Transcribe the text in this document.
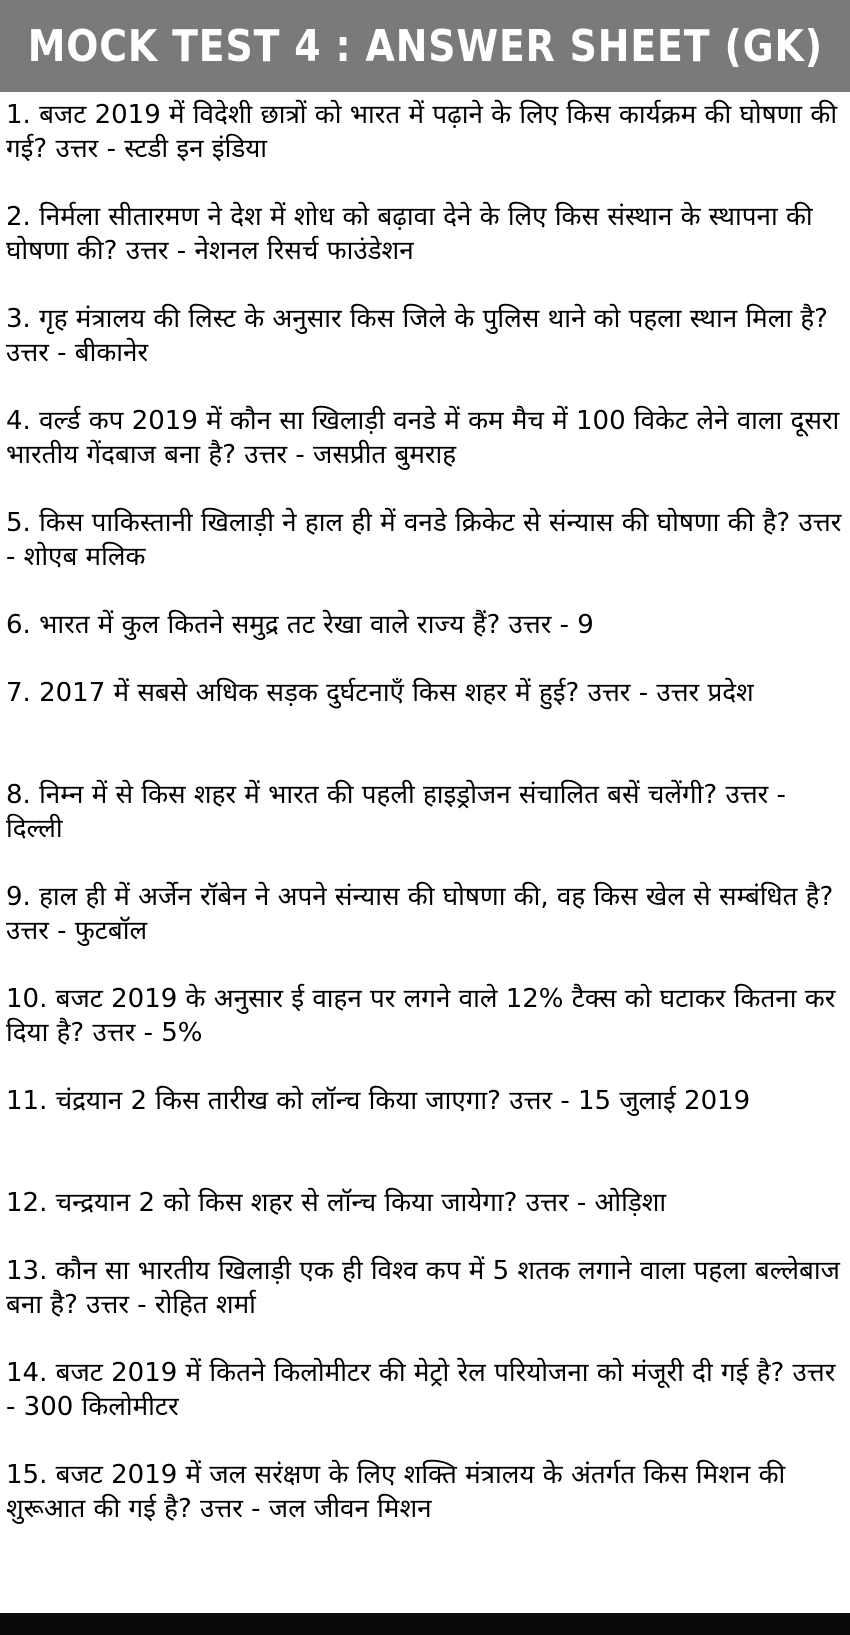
MOCK TEST 4 : ANSWER SHEET (GK)
1. बजट 2019 में विदेशी छात्रों को भारत में पढ़ाने के लिए किस कार्यक्रम की घोषणा की गई? उत्तर - स्टडी इन इंडिया
2. निर्मला सीतारमण ने देश में शोध को बढ़ावा देने के लिए किस संस्थान के स्थापना की घोषणा की? उत्तर - नेशनल रिसर्च फाउंडेशन
3. गृह मंत्रालय की लिस्ट के अनुसार किस जिले के पुलिस थाने को पहला स्थान मिला है? उत्तर - बीकानेर
4. वर्ल्ड कप 2019 में कौन सा खिलाड़ी वनडे में कम मैच में 100 विकेट लेने वाला दूसरा भारतीय गेंदबाज बना है? उत्तर - जसप्रीत बुमराह
5. किस पाकिस्तानी खिलाड़ी ने हाल ही में वनडे क्रिकेट से संन्यास की घोषणा की है? उत्तर - शोएब मलिक
6. भारत में कुल कितने समुद्र तट रेखा वाले राज्य हैं? उत्तर - 9
7. 2017 में सबसे अधिक सड़क दुर्घटनाएँ किस शहर में हुई? उत्तर - उत्तर प्रदेश
8. निम्न में से किस शहर में भारत की पहली हाइड्रोजन संचालित बसें चलेंगी? उत्तर - दिल्ली
9. हाल ही में अर्जेन रॉबेन ने अपने संन्यास की घोषणा की, वह किस खेल से सम्बंधित है? उत्तर - फुटबॉल
10. बजट 2019 के अनुसार ई वाहन पर लगने वाले 12% टैक्स को घटाकर कितना कर दिया है? उत्तर - 5%
11. चंद्रयान 2 किस तारीख को लॉन्च किया जाएगा? उत्तर - 15 जुलाई 2019
12. चन्द्रयान 2 को किस शहर से लॉन्च किया जायेगा? उत्तर - ओड़िशा
13. कौन सा भारतीय खिलाड़ी एक ही विश्व कप में 5 शतक लगाने वाला पहला बल्लेबाज बना है? उत्तर - रोहित शर्मा
14. बजट 2019 में कितने किलोमीटर की मेट्रो रेल परियोजना को मंजूरी दी गई है? उत्तर - 300 किलोमीटर
15. बजट 2019 में जल सरंक्षण के लिए शक्ति मंत्रालय के अंतर्गत किस मिशन की शुरूआत की गई है? उत्तर - जल जीवन मिशन
